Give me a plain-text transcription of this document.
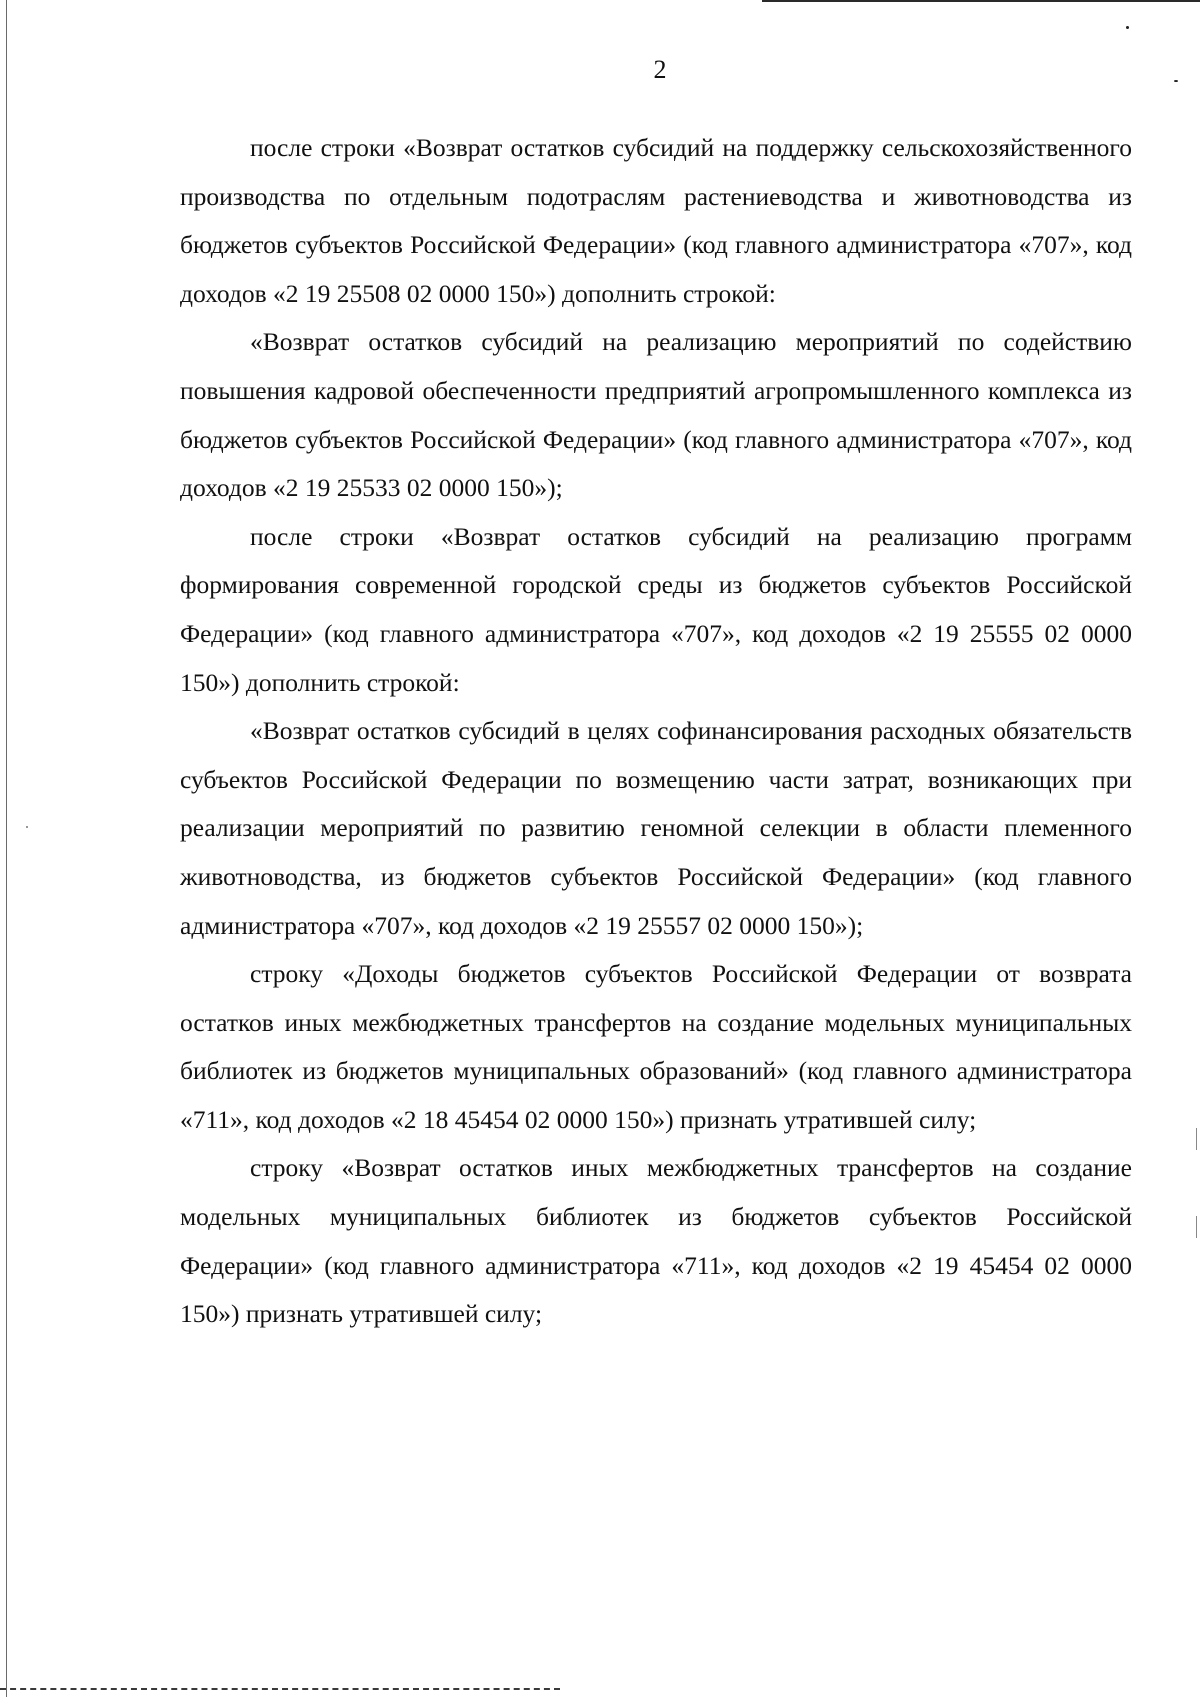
2

после строки «Возврат остатков субсидий на поддержку сельскохозяйственного производства по отдельным подотраслям растениеводства и животноводства из бюджетов субъектов Российской Федерации» (код главного администратора «707», код доходов «2 19 25508 02 0000 150») дополнить строкой:

«Возврат остатков субсидий на реализацию мероприятий по содействию повышения кадровой обеспеченности предприятий агропромышленного комплекса из бюджетов субъектов Российской Федерации» (код главного администратора «707», код доходов «2 19 25533 02 0000 150»);

после строки «Возврат остатков субсидий на реализацию программ формирования современной городской среды из бюджетов субъектов Российской Федерации» (код главного администратора «707», код доходов «2 19 25555 02 0000 150») дополнить строкой:

«Возврат остатков субсидий в целях софинансирования расходных обязательств субъектов Российской Федерации по возмещению части затрат, возникающих при реализации мероприятий по развитию геномной селекции в области племенного животноводства, из бюджетов субъектов Российской Федерации» (код главного администратора «707», код доходов «2 19 25557 02 0000 150»);

строку «Доходы бюджетов субъектов Российской Федерации от возврата остатков иных межбюджетных трансфертов на создание модельных муниципальных библиотек из бюджетов муниципальных образований» (код главного администратора «711», код доходов «2 18 45454 02 0000 150») признать утратившей силу;

строку «Возврат остатков иных межбюджетных трансфертов на создание модельных муниципальных библиотек из бюджетов субъектов Российской Федерации» (код главного администратора «711», код доходов «2 19 45454 02 0000 150») признать утратившей силу;
